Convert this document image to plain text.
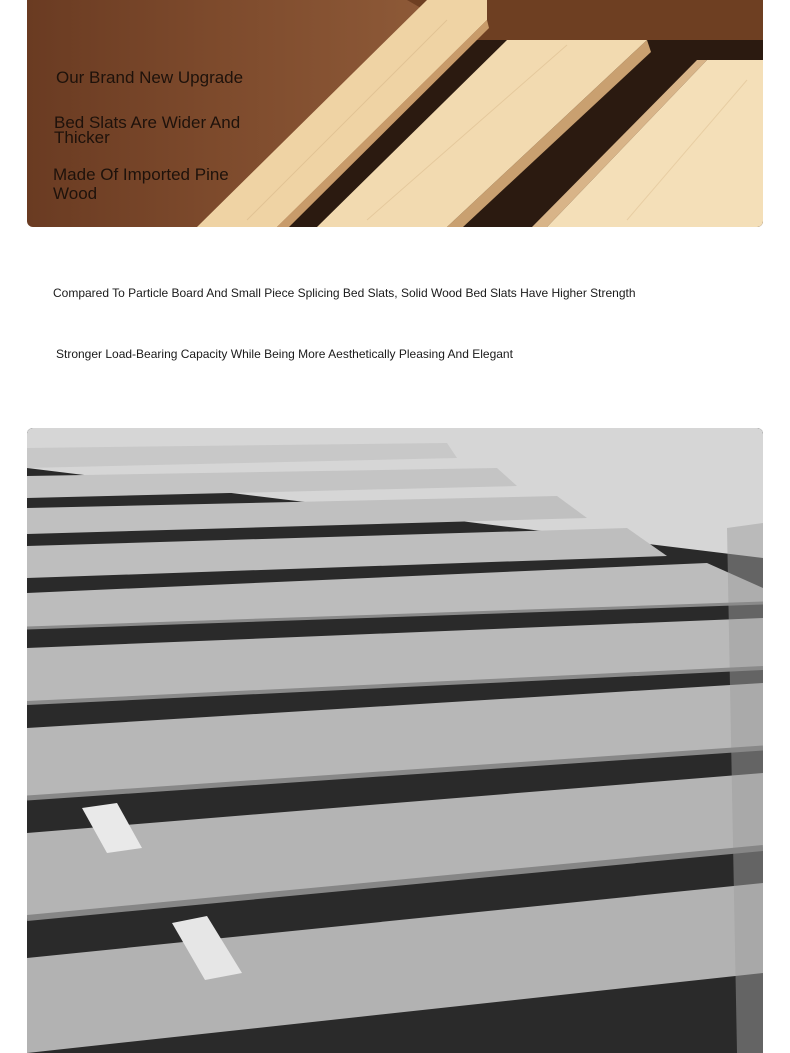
Our Brand New Upgrade
Bed Slats Are Wider And Thicker
Made Of Imported Pine Wood
Compared To Particle Board And Small Piece Splicing Bed Slats, Solid Wood Bed Slats Have Higher Strength
Stronger Load-Bearing Capacity While Being More Aesthetically Pleasing And Elegant
